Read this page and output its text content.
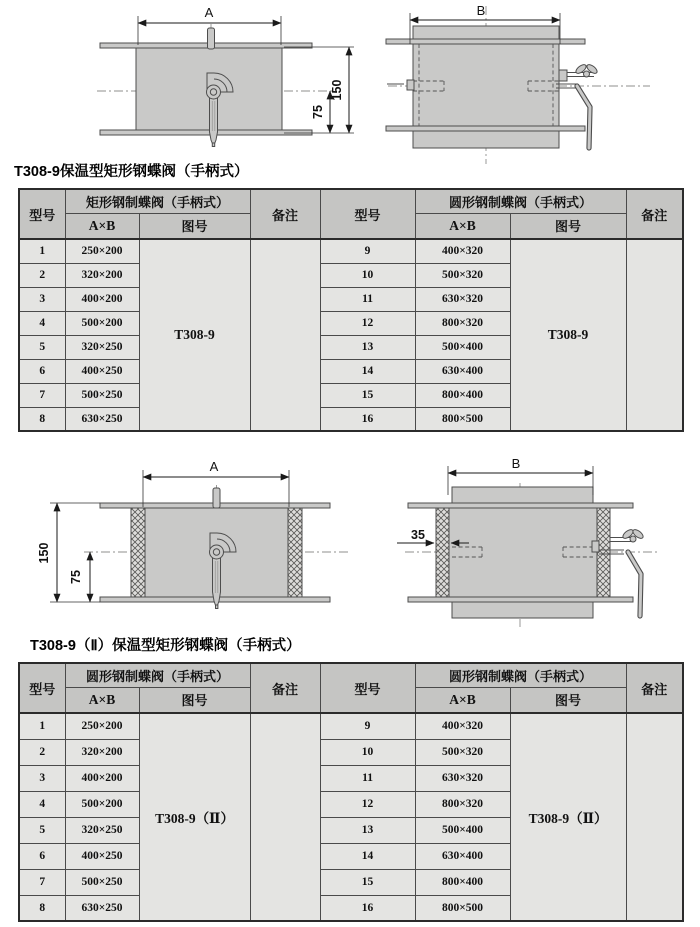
A
150
75
B
T308-9保温型矩形钢蝶阀（手柄式）
型号	矩形钢制蝶阀（手柄式）		备注	型号	圆形钢制蝶阀（手柄式）		备注
	A×B	图号			A×B	图号	
1	250×200	T308-9		9	400×320	T308-9	
2	320×200			10	500×320		
3	400×200			11	630×320		
4	500×200			12	800×320		
5	320×250			13	500×400		
6	400×250			14	630×400		
7	500×250			15	800×400		
8	630×250			16	800×500		
A
150
75
B
35
T308-9（Ⅱ）保温型矩形钢蝶阀（手柄式）
型号	圆形钢制蝶阀（手柄式）		备注	型号	圆形钢制蝶阀（手柄式）		备注
	A×B	图号			A×B	图号	
1	250×200	T308-9（Ⅱ）		9	400×320	T308-9（Ⅱ）	
2	320×200			10	500×320		
3	400×200			11	630×320		
4	500×200			12	800×320		
5	320×250			13	500×400		
6	400×250			14	630×400		
7	500×250			15	800×400		
8	630×250			16	800×500		
